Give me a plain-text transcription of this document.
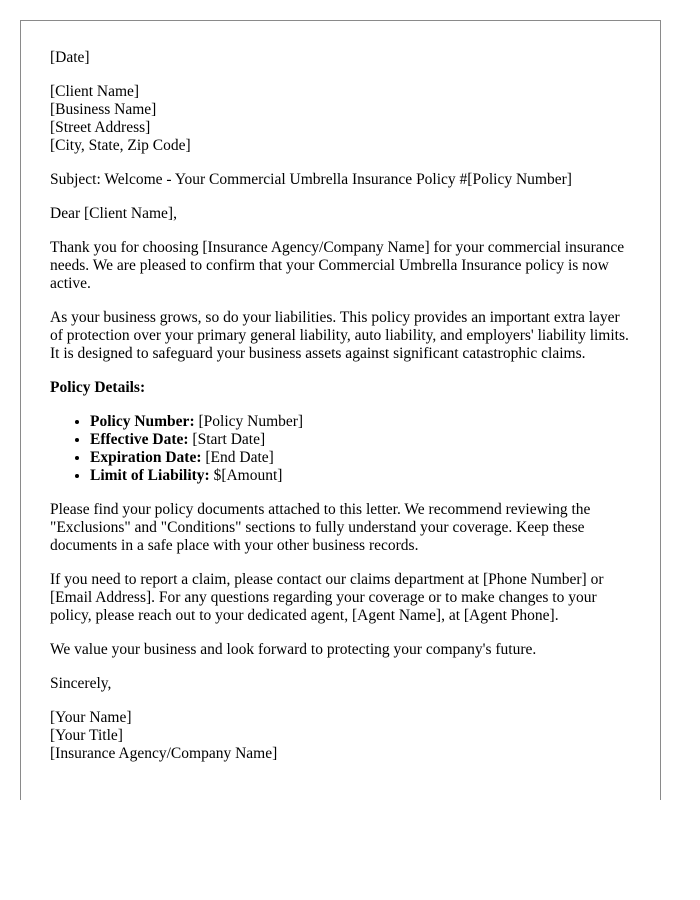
[Date]

[Client Name]
[Business Name]
[Street Address]
[City, State, Zip Code]

Subject: Welcome - Your Commercial Umbrella Insurance Policy #[Policy Number]

Dear [Client Name],

Thank you for choosing [Insurance Agency/Company Name] for your commercial insurance needs. We are pleased to confirm that your Commercial Umbrella Insurance policy is now active.

As your business grows, so do your liabilities. This policy provides an important extra layer of protection over your primary general liability, auto liability, and employers' liability limits. It is designed to safeguard your business assets against significant catastrophic claims.

Policy Details:

• Policy Number: [Policy Number]
• Effective Date: [Start Date]
• Expiration Date: [End Date]
• Limit of Liability: $[Amount]

Please find your policy documents attached to this letter. We recommend reviewing the "Exclusions" and "Conditions" sections to fully understand your coverage. Keep these documents in a safe place with your other business records.

If you need to report a claim, please contact our claims department at [Phone Number] or [Email Address]. For any questions regarding your coverage or to make changes to your policy, please reach out to your dedicated agent, [Agent Name], at [Agent Phone].

We value your business and look forward to protecting your company's future.

Sincerely,

[Your Name]
[Your Title]
[Insurance Agency/Company Name]
